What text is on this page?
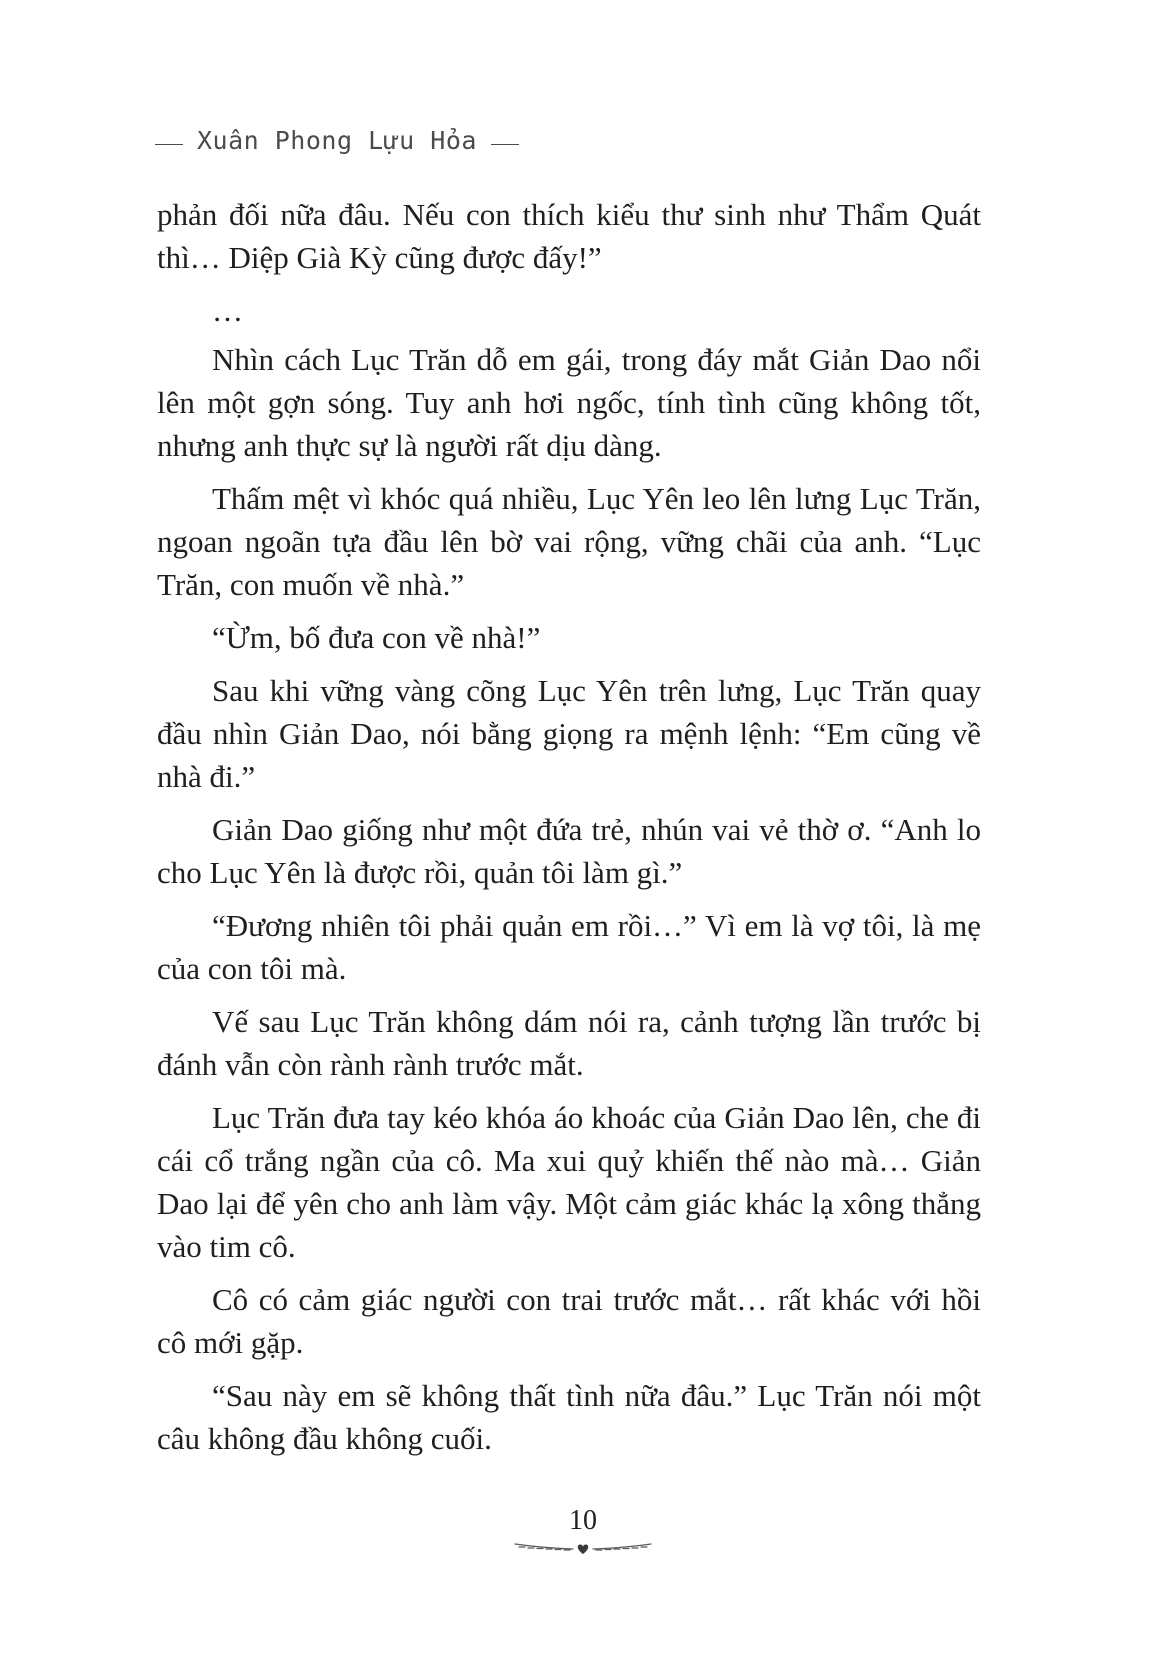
Xuân Phong Lựu Hỏa

phản đối nữa đâu. Nếu con thích kiểu thư sinh như Thẩm Quát thì… Diệp Già Kỳ cũng được đấy!”

…

Nhìn cách Lục Trăn dỗ em gái, trong đáy mắt Giản Dao nổi lên một gợn sóng. Tuy anh hơi ngốc, tính tình cũng không tốt, nhưng anh thực sự là người rất dịu dàng.

Thấm mệt vì khóc quá nhiều, Lục Yên leo lên lưng Lục Trăn, ngoan ngoãn tựa đầu lên bờ vai rộng, vững chãi của anh. “Lục Trăn, con muốn về nhà.”

“Ừm, bố đưa con về nhà!”

Sau khi vững vàng cõng Lục Yên trên lưng, Lục Trăn quay đầu nhìn Giản Dao, nói bằng giọng ra mệnh lệnh: “Em cũng về nhà đi.”

Giản Dao giống như một đứa trẻ, nhún vai vẻ thờ ơ. “Anh lo cho Lục Yên là được rồi, quản tôi làm gì.”

“Đương nhiên tôi phải quản em rồi…” Vì em là vợ tôi, là mẹ của con tôi mà.

Vế sau Lục Trăn không dám nói ra, cảnh tượng lần trước bị đánh vẫn còn rành rành trước mắt.

Lục Trăn đưa tay kéo khóa áo khoác của Giản Dao lên, che đi cái cổ trắng ngần của cô. Ma xui quỷ khiến thế nào mà… Giản Dao lại để yên cho anh làm vậy. Một cảm giác khác lạ xông thẳng vào tim cô.

Cô có cảm giác người con trai trước mắt… rất khác với hồi cô mới gặp.

“Sau này em sẽ không thất tình nữa đâu.” Lục Trăn nói một câu không đầu không cuối.

10
